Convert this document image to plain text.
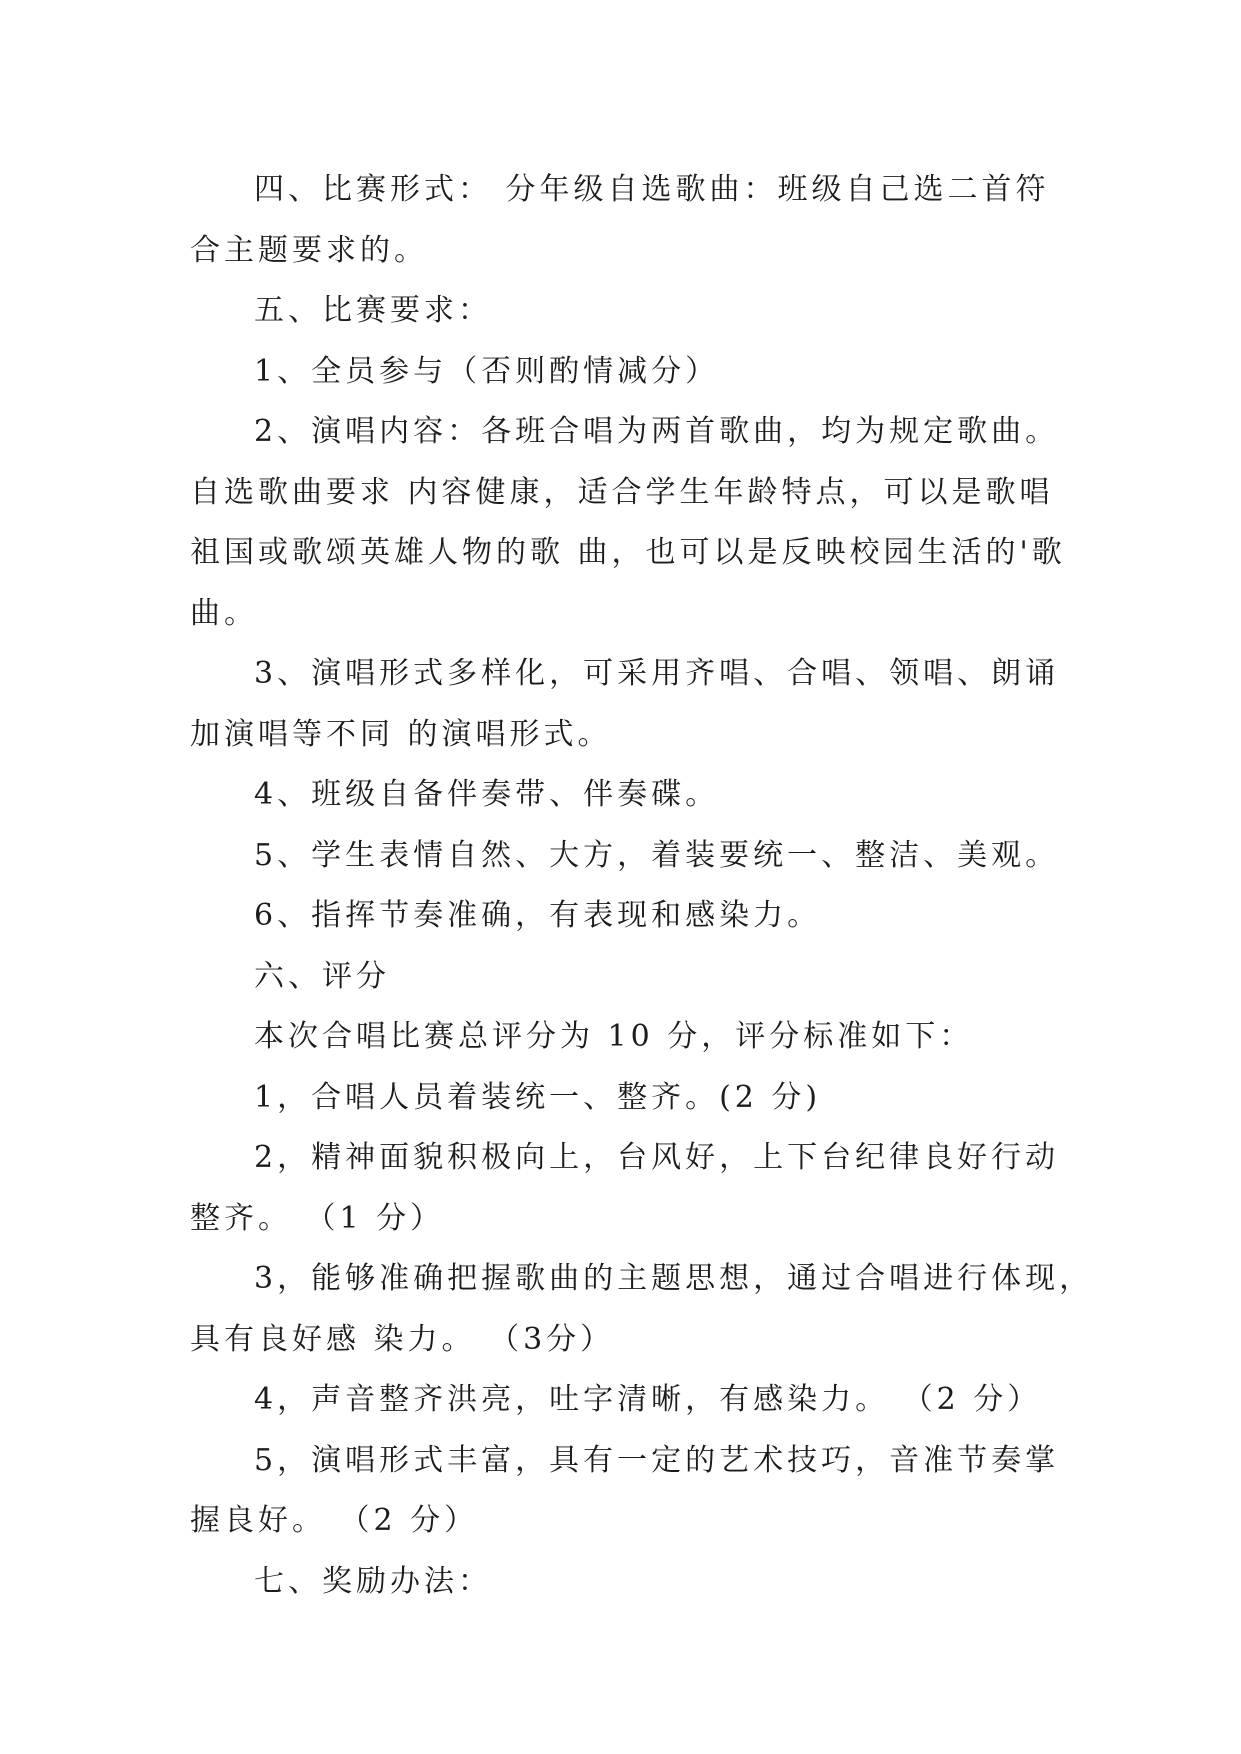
四、比赛形式： 分年级自选歌曲：班级自己选二首符
合主题要求的。
五、比赛要求：
1、全员参与（否则酌情减分）
2、演唱内容：各班合唱为两首歌曲，均为规定歌曲。
自选歌曲要求 内容健康，适合学生年龄特点，可以是歌唱
祖国或歌颂英雄人物的歌 曲，也可以是反映校园生活的'歌
曲。
3、演唱形式多样化，可采用齐唱、合唱、领唱、朗诵
加演唱等不同 的演唱形式。
4、班级自备伴奏带、伴奏碟。
5、学生表情自然、大方，着装要统一、整洁、美观。
6、指挥节奏准确，有表现和感染力。
六、评分
本次合唱比赛总评分为 10 分，评分标准如下：
1，合唱人员着装统一、整齐。(2 分)
2，精神面貌积极向上，台风好，上下台纪律良好行动
整齐。 （1 分）
3，能够准确把握歌曲的主题思想，通过合唱进行体现，
具有良好感 染力。 （3分）
4，声音整齐洪亮，吐字清晰，有感染力。 （2 分）
5，演唱形式丰富，具有一定的艺术技巧，音准节奏掌
握良好。 （2 分）
七、奖励办法：
